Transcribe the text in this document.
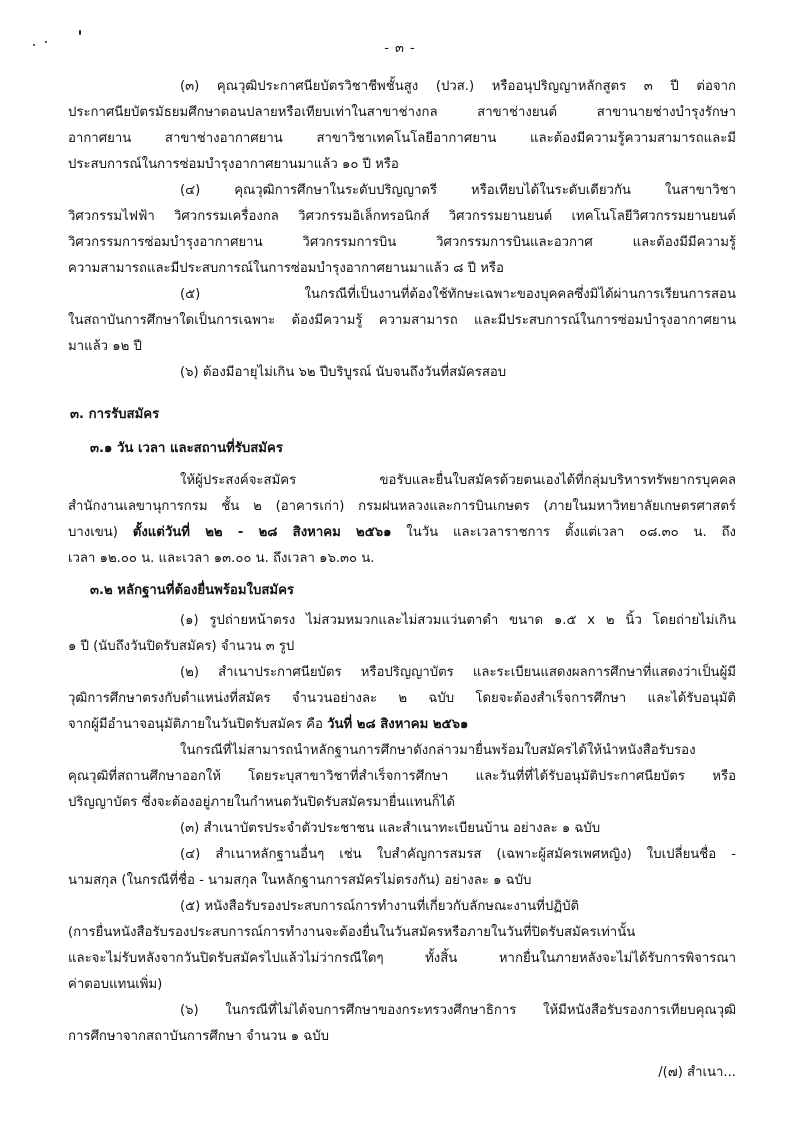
- ๓ -
(๓) คุณวุฒิประกาศนียบัตรวิชาชีพชั้นสูง (ปวส.) หรืออนุปริญญาหลักสูตร ๓ ปี ต่อจาก
ประกาศนียบัตรมัธยมศึกษาตอนปลายหรือเทียบเท่าในสาขาช่างกล สาขาช่างยนต์ สาขานายช่างบำรุงรักษา
อากาศยาน สาขาช่างอากาศยาน สาขาวิชาเทคโนโลยีอากาศยาน และต้องมีความรู้ความสามารถและมี
ประสบการณ์ในการซ่อมบำรุงอากาศยานมาแล้ว ๑๐ ปี หรือ
(๔) คุณวุฒิการศึกษาในระดับปริญญาตรี หรือเทียบได้ในระดับเดียวกัน ในสาขาวิชา
วิศวกรรมไฟฟ้า วิศวกรรมเครื่องกล วิศวกรรมอิเล็กทรอนิกส์ วิศวกรรมยานยนต์ เทคโนโลยีวิศวกรรมยานยนต์
วิศวกรรมการซ่อมบำรุงอากาศยาน วิศวกรรมการบิน วิศวกรรมการบินและอวกาศ และต้องมีมีความรู้
ความสามารถและมีประสบการณ์ในการซ่อมบำรุงอากาศยานมาแล้ว ๘ ปี หรือ
(๕) ในกรณีที่เป็นงานที่ต้องใช้ทักษะเฉพาะของบุคคลซึ่งมิได้ผ่านการเรียนการสอน
ในสถาบันการศึกษาใดเป็นการเฉพาะ ต้องมีความรู้ ความสามารถ และมีประสบการณ์ในการซ่อมบำรุงอากาศยาน
มาแล้ว ๑๒ ปี
(๖) ต้องมีอายุไม่เกิน ๖๒ ปีบริบูรณ์ นับจนถึงวันที่สมัครสอบ
๓. การรับสมัคร
๓.๑ วัน เวลา และสถานที่รับสมัคร
ให้ผู้ประสงค์จะสมัคร ขอรับและยื่นใบสมัครด้วยตนเองได้ที่กลุ่มบริหารทรัพยากรบุคคล
สำนักงานเลขานุการกรม ชั้น ๒ (อาคารเก่า) กรมฝนหลวงและการบินเกษตร (ภายในมหาวิทยาลัยเกษตรศาสตร์
บางเขน) ตั้งแต่วันที่ ๒๒ - ๒๘ สิงหาคม ๒๕๖๑ ในวัน และเวลาราชการ ตั้งแต่เวลา ๐๘.๓๐ น. ถึง
เวลา ๑๒.๐๐ น. และเวลา ๑๓.๐๐ น. ถึงเวลา ๑๖.๓๐ น.
๓.๒ หลักฐานที่ต้องยื่นพร้อมใบสมัคร
(๑) รูปถ่ายหน้าตรง ไม่สวมหมวกและไม่สวมแว่นตาดำ ขนาด ๑.๕ x ๒ นิ้ว โดยถ่ายไม่เกิน
๑ ปี (นับถึงวันปิดรับสมัคร) จำนวน ๓ รูป
(๒) สำเนาประกาศนียบัตร หรือปริญญาบัตร และระเบียนแสดงผลการศึกษาที่แสดงว่าเป็นผู้มี
วุฒิการศึกษาตรงกับตำแหน่งที่สมัคร จำนวนอย่างละ ๒ ฉบับ โดยจะต้องสำเร็จการศึกษา และได้รับอนุมัติ
จากผู้มีอำนาจอนุมัติภายในวันปิดรับสมัคร คือ วันที่ ๒๘ สิงหาคม ๒๕๖๑
ในกรณีที่ไม่สามารถนำหลักฐานการศึกษาดังกล่าวมายื่นพร้อมใบสมัครได้ให้นำหนังสือรับรอง
คุณวุฒิที่สถานศึกษาออกให้ โดยระบุสาขาวิชาที่สำเร็จการศึกษา และวันที่ที่ได้รับอนุมัติประกาศนียบัตร หรือ
ปริญญาบัตร ซึ่งจะต้องอยู่ภายในกำหนดวันปิดรับสมัครมายื่นแทนก็ได้
(๓) สำเนาบัตรประจำตัวประชาชน และสำเนาทะเบียนบ้าน อย่างละ ๑ ฉบับ
(๔) สำเนาหลักฐานอื่นๆ เช่น ใบสำคัญการสมรส (เฉพาะผู้สมัครเพศหญิง) ใบเปลี่ยนชื่อ -
นามสกุล (ในกรณีที่ชื่อ - นามสกุล ในหลักฐานการสมัครไม่ตรงกัน) อย่างละ ๑ ฉบับ
(๕) หนังสือรับรองประสบการณ์การทำงานที่เกี่ยวกับลักษณะงานที่ปฏิบัติ
(การยื่นหนังสือรับรองประสบการณ์การทำงานจะต้องยื่นในวันสมัครหรือภายในวันที่ปิดรับสมัครเท่านั้น
และจะไม่รับหลังจากวันปิดรับสมัครไปแล้วไม่ว่ากรณีใดๆ ทั้งสิ้น หากยื่นในภายหลังจะไม่ได้รับการพิจารณา
ค่าตอบแทนเพิ่ม)
(๖) ในกรณีที่ไม่ได้จบการศึกษาของกระทรวงศึกษาธิการ ให้มีหนังสือรับรองการเทียบคุณวุฒิ
การศึกษาจากสถาบันการศึกษา จำนวน ๑ ฉบับ
/(๗) สำเนา...
